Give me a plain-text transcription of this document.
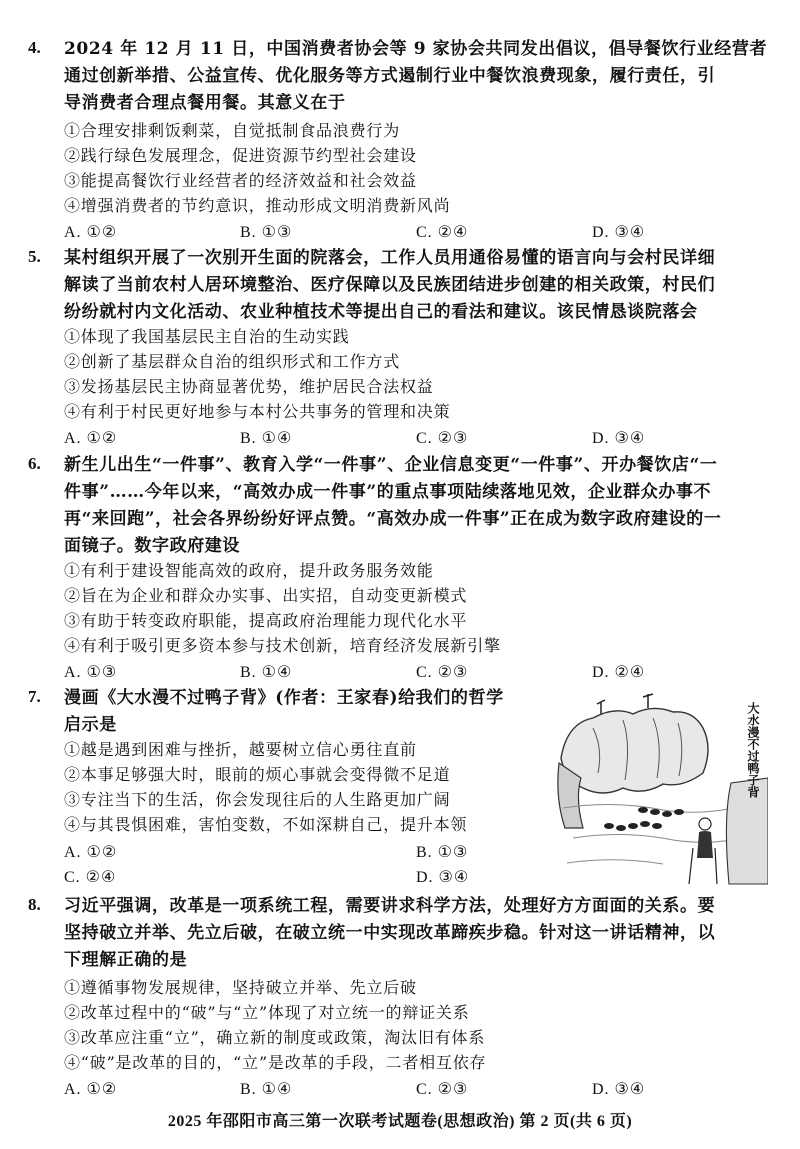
4. 2024 年 12 月 11 日，中国消费者协会等 9 家协会共同发出倡议，倡导餐饮行业经营者
通过创新举措、公益宣传、优化服务等方式遏制行业中餐饮浪费现象，履行责任，引
导消费者合理点餐用餐。其意义在于
①合理安排剩饭剩菜，自觉抵制食品浪费行为
②践行绿色发展理念，促进资源节约型社会建设
③能提高餐饮行业经营者的经济效益和社会效益
④增强消费者的节约意识，推动形成文明消费新风尚
A. ①②	B. ①③	C. ②④	D. ③④
5. 某村组织开展了一次别开生面的院落会，工作人员用通俗易懂的语言向与会村民详细
解读了当前农村人居环境整治、医疗保障以及民族团结进步创建的相关政策，村民们
纷纷就村内文化活动、农业种植技术等提出自己的看法和建议。该民情恳谈院落会
①体现了我国基层民主自治的生动实践
②创新了基层群众自治的组织形式和工作方式
③发扬基层民主协商显著优势，维护居民合法权益
④有利于村民更好地参与本村公共事务的管理和决策
A. ①②	B. ①④	C. ②③	D. ③④
6. 新生儿出生“一件事”、教育入学“一件事”、企业信息变更“一件事”、开办餐饮店“一
件事”……今年以来，“高效办成一件事”的重点事项陆续落地见效，企业群众办事不
再“来回跑”，社会各界纷纷好评点赞。“高效办成一件事”正在成为数字政府建设的一
面镜子。数字政府建设
①有利于建设智能高效的政府，提升政务服务效能
②旨在为企业和群众办实事、出实招，自动变更新模式
③有助于转变政府职能，提高政府治理能力现代化水平
④有利于吸引更多资本参与技术创新，培育经济发展新引擎
A. ①③	B. ①④	C. ②③	D. ②④
7. 漫画《大水漫不过鸭子背》(作者：王家春)给我们的哲学
启示是
①越是遇到困难与挫折，越要树立信心勇往直前
②本事足够强大时，眼前的烦心事就会变得微不足道
③专注当下的生活，你会发现往后的人生路更加广阔
④与其畏惧困难，害怕变数，不如深耕自己，提升本领
A. ①②	B. ①③
C. ②④	D. ③④
大水漫不过鸭子背
8. 习近平强调，改革是一项系统工程，需要讲求科学方法，处理好方方面面的关系。要
坚持破立并举、先立后破，在破立统一中实现改革蹄疾步稳。针对这一讲话精神，以
下理解正确的是
①遵循事物发展规律，坚持破立并举、先立后破
②改革过程中的“破”与“立”体现了对立统一的辩证关系
③改革应注重“立”，确立新的制度或政策，淘汰旧有体系
④“破”是改革的目的，“立”是改革的手段，二者相互依存
A. ①②	B. ①④	C. ②③	D. ③④
2025 年邵阳市高三第一次联考试题卷(思想政治) 第 2 页(共 6 页)
